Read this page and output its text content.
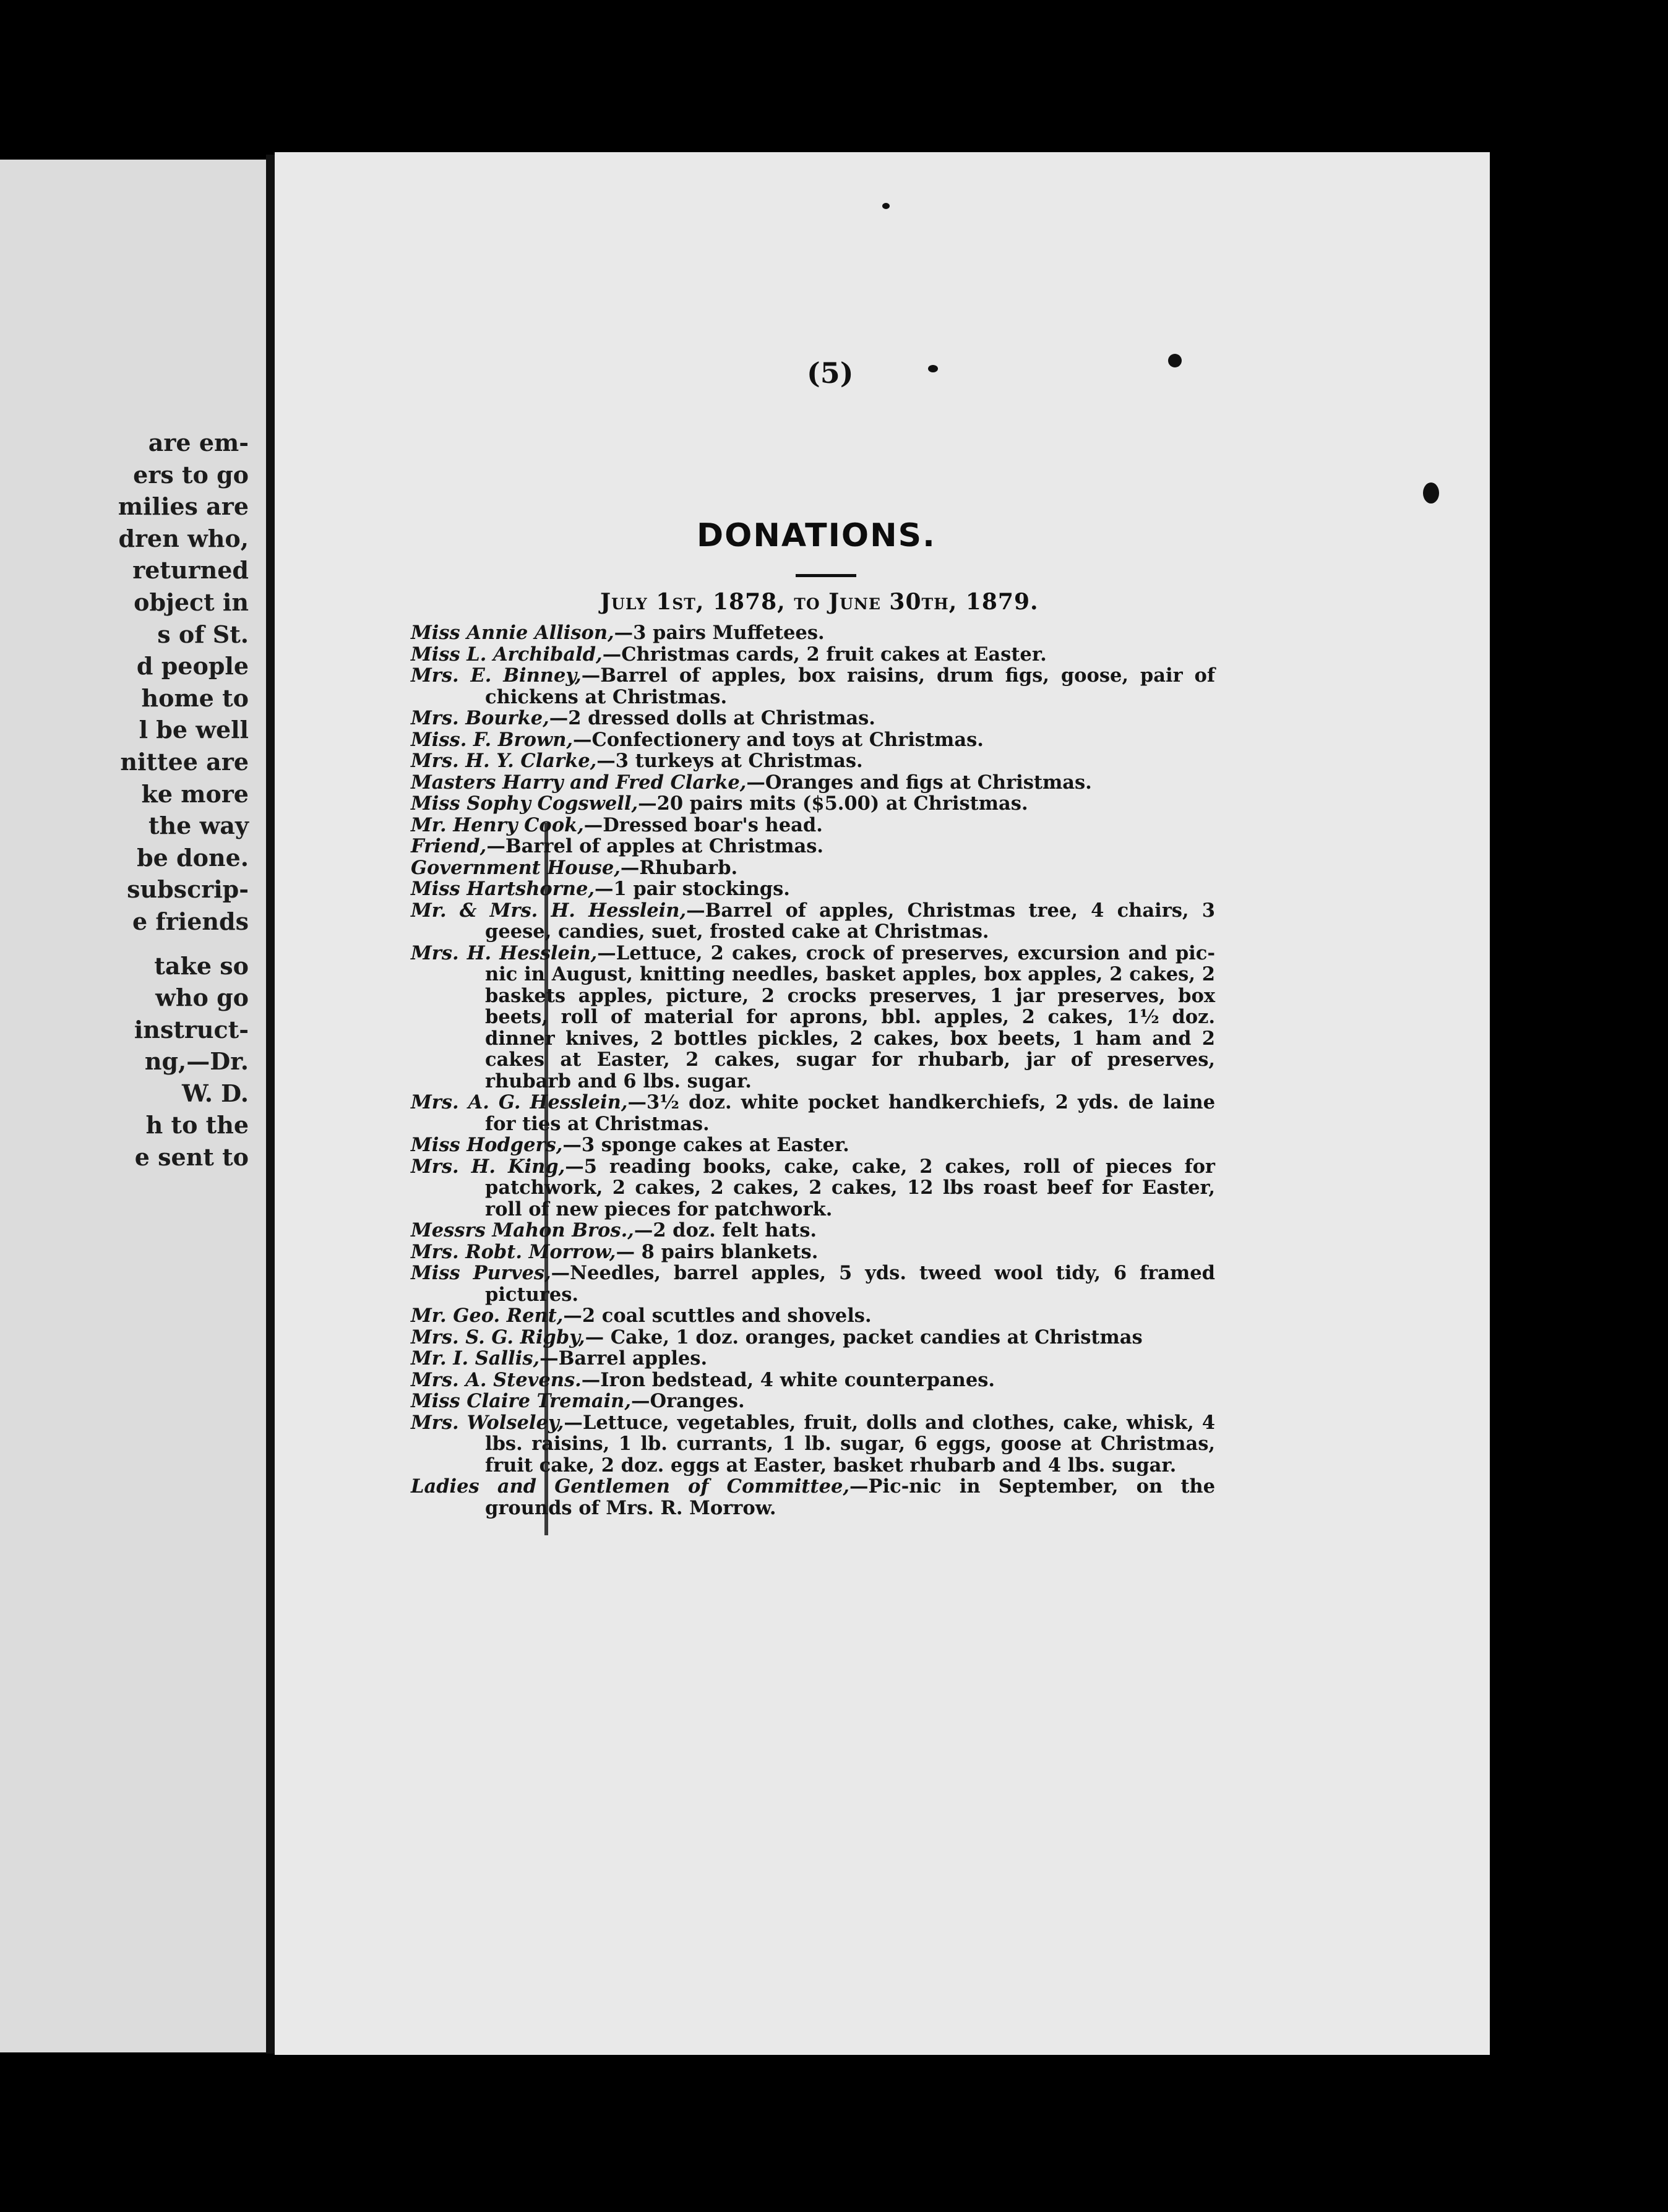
are em-
ers to go
milies are
dren who,
returned
object in
s of St.
d people
home to
l be well
nittee are
ke more
the way
be done.
subscrip-
e friends

take so
who go
instruct-
ng,—Dr.
W. D.
h to the
e sent to
(5)
DONATIONS.
July 1st, 1878, to June 30th, 1879.

Miss Annie Allison,—3 pairs Muffetees.

Miss L. Archibald,—Christmas cards, 2 fruit cakes at Easter.

Mrs. E. Binney,—Barrel of apples, box raisins, drum figs, goose, pair of chickens at Christmas.

Mrs. Bourke,—2 dressed dolls at Christmas.

Miss. F. Brown,—Confectionery and toys at Christmas.

Mrs. H. Y. Clarke,—3 turkeys at Christmas.

Masters Harry and Fred Clarke,—Oranges and figs at Christmas.

Miss Sophy Cogswell,—20 pairs mits ($5.00) at Christmas.

Mr. Henry Cook,—Dressed boar's head.

Friend,—Barrel of apples at Christmas.

Government House,—Rhubarb.

Miss Hartshorne,—1 pair stockings.

Mr. & Mrs. H. Hesslein,—Barrel of apples, Christmas tree, 4 chairs, 3 geese, candies, suet, frosted cake at Christmas.

Mrs. H. Hesslein,—Lettuce, 2 cakes, crock of preserves, excursion and pic-nic in August, knitting needles, basket apples, box apples, 2 cakes, 2 baskets apples, picture, 2 crocks preserves, 1 jar preserves, box beets, roll of material for aprons, bbl. apples, 2 cakes, 1½ doz. dinner knives, 2 bottles pickles, 2 cakes, box beets, 1 ham and 2 cakes at Easter, 2 cakes, sugar for rhubarb, jar of preserves, rhubarb and 6 lbs. sugar.

Mrs. A. G. Hesslein,—3½ doz. white pocket handkerchiefs, 2 yds. de laine for ties at Christmas.

Miss Hodgers,—3 sponge cakes at Easter.

Mrs. H. King,—5 reading books, cake, cake, 2 cakes, roll of pieces for patchwork, 2 cakes, 2 cakes, 2 cakes, 12 lbs roast beef for Easter, roll of new pieces for patchwork.

Messrs Mahon Bros.,—2 doz. felt hats.

Mrs. Robt. Morrow,— 8 pairs blankets.

Miss Purves,—Needles, barrel apples, 5 yds. tweed wool tidy, 6 framed pictures.

Mr. Geo. Rent,—2 coal scuttles and shovels.

Mrs. S. G. Rigby,— Cake, 1 doz. oranges, packet candies at Christmas

Mr. I. Sallis,—Barrel apples.

Mrs. A. Stevens.—Iron bedstead, 4 white counterpanes.

Miss Claire Tremain,—Oranges.

Mrs. Wolseley,—Lettuce, vegetables, fruit, dolls and clothes, cake, whisk, 4 lbs. raisins, 1 lb. currants, 1 lb. sugar, 6 eggs, goose at Christmas, fruit cake, 2 doz. eggs at Easter, basket rhubarb and 4 lbs. sugar.

Ladies and Gentlemen of Committee,—Pic-nic in September, on the grounds of Mrs. R. Morrow.
